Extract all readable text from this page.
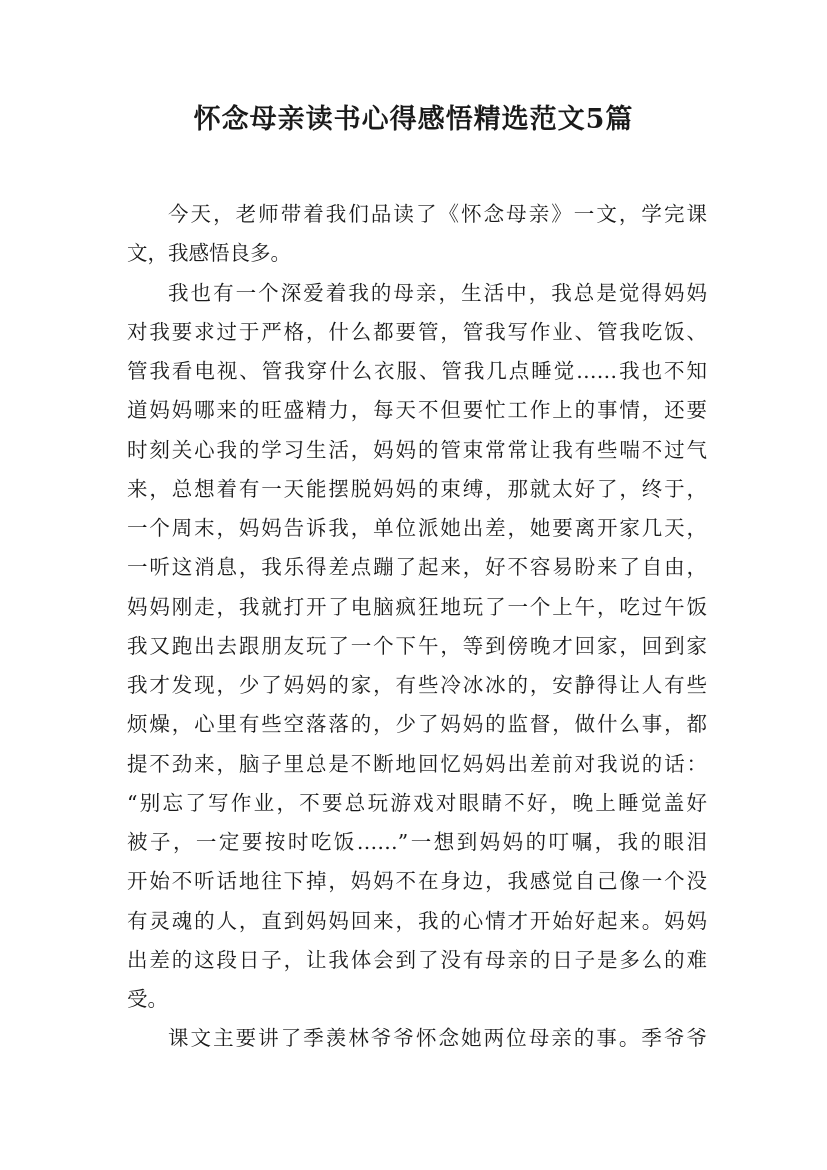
怀念母亲读书心得感悟精选范文5篇
今天，老师带着我们品读了《怀念母亲》一文，学完课
文，我感悟良多。
我也有一个深爱着我的母亲，生活中，我总是觉得妈妈
对我要求过于严格，什么都要管，管我写作业、管我吃饭、
管我看电视、管我穿什么衣服、管我几点睡觉……我也不知
道妈妈哪来的旺盛精力，每天不但要忙工作上的事情，还要
时刻关心我的学习生活，妈妈的管束常常让我有些喘不过气
来，总想着有一天能摆脱妈妈的束缚，那就太好了，终于，
一个周末，妈妈告诉我，单位派她出差，她要离开家几天，
一听这消息，我乐得差点蹦了起来，好不容易盼来了自由，
妈妈刚走，我就打开了电脑疯狂地玩了一个上午，吃过午饭
我又跑出去跟朋友玩了一个下午，等到傍晚才回家，回到家
我才发现，少了妈妈的家，有些冷冰冰的，安静得让人有些
烦燥，心里有些空落落的，少了妈妈的监督，做什么事，都
提不劲来，脑子里总是不断地回忆妈妈出差前对我说的话：
“别忘了写作业，不要总玩游戏对眼睛不好，晚上睡觉盖好
被子，一定要按时吃饭……”一想到妈妈的叮嘱，我的眼泪
开始不听话地往下掉，妈妈不在身边，我感觉自己像一个没
有灵魂的人，直到妈妈回来，我的心情才开始好起来。妈妈
出差的这段日子，让我体会到了没有母亲的日子是多么的难
受。
课文主要讲了季羡林爷爷怀念她两位母亲的事。季爷爷
